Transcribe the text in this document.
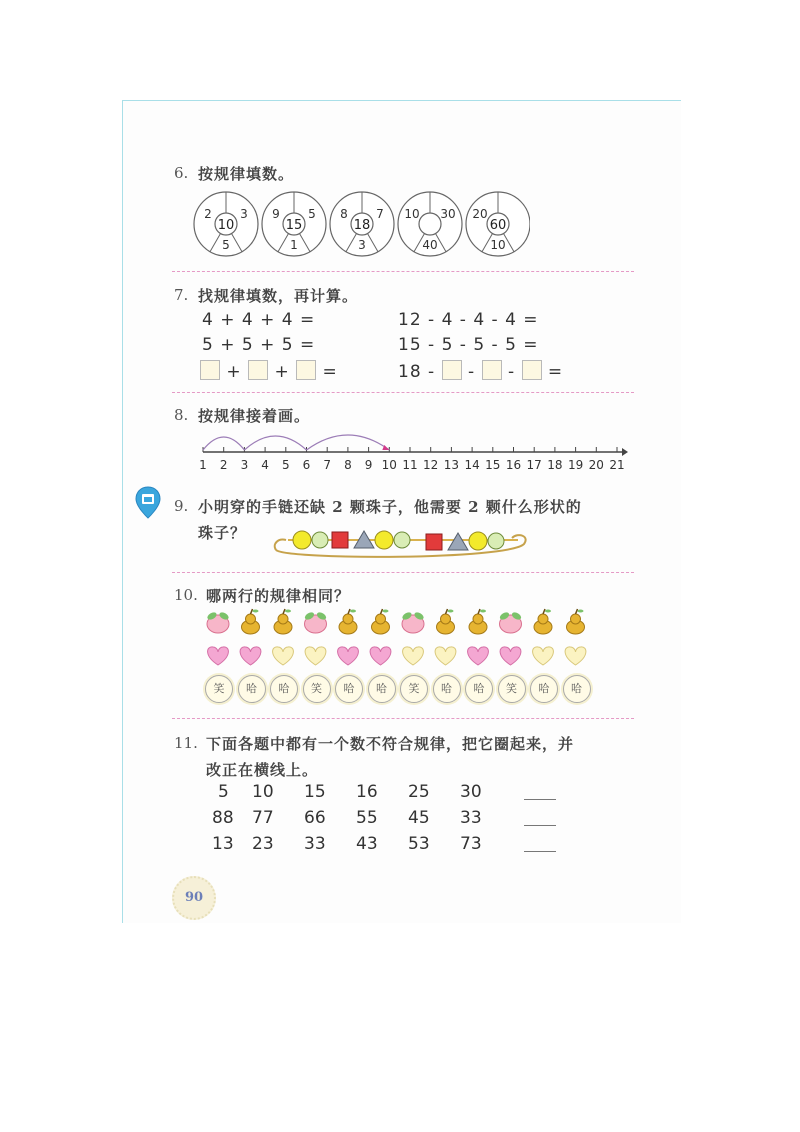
6. 按规律填数。
2 3
10
5
9 5
15
1
8 7
18
3
10 30
40
20
60
10
7. 找规律填数，再计算。
4 + 4 + 4 =
5 + 5 + 5 =
+ + =
12 - 4 - 4 - 4 =
15 - 5 - 5 - 5 =
18 - - - =
8. 按规律接着画。
1 2 3 4 5 6 7 8 9 10 11 12 13 14 15 16 17 18 19 20 21
9. 小明穿的手链还缺 2 颗珠子，他需要 2 颗什么形状的
珠子？
10. 哪两行的规律相同？
笑	哈	哈	笑	哈	哈	笑	哈	哈	笑	哈	哈
11. 下面各题中都有一个数不符合规律，把它圈起来，并
改正在横线上。
5 10 15 16 25 30
88 77 66 55 45 33
13 23 33 43 53 73
90
